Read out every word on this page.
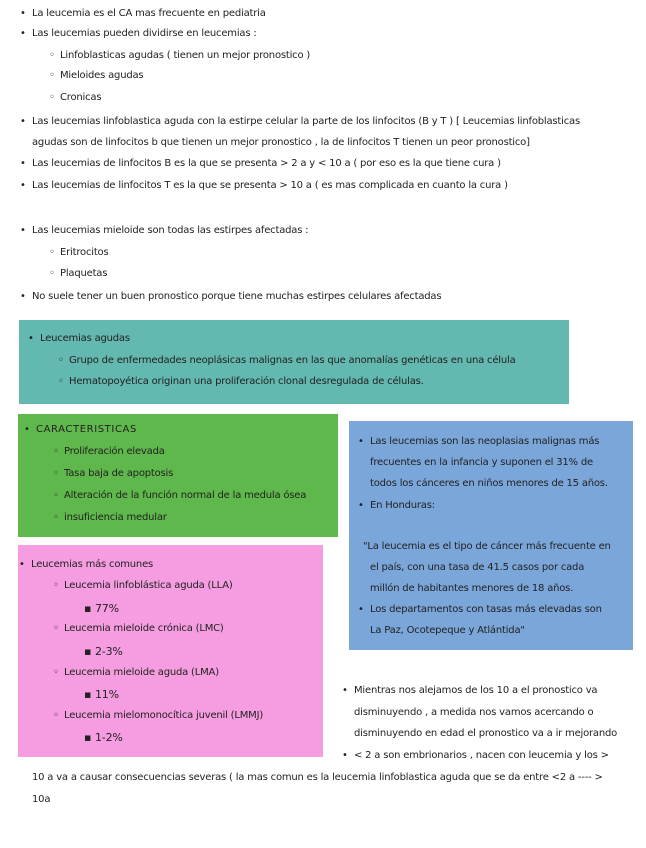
• La leucemia es el CA mas frecuente en pediatria
• Las leucemias pueden dividirse en leucemias :
◦ Linfoblasticas agudas ( tienen un mejor pronostico )
◦ Mieloides agudas
◦ Cronicas
• Las leucemias linfoblastica aguda con la estirpe celular la parte de los linfocitos (B y T ) [ Leucemias linfoblasticas
agudas son de linfocitos b que tienen un mejor pronostico , la de linfocitos T tienen un peor pronostico]
• Las leucemias de linfocitos B es la que se presenta > 2 a y < 10 a ( por eso es la que tiene cura )
• Las leucemias de linfocitos T es la que se presenta > 10 a ( es mas complicada en cuanto la cura )
• Las leucemias mieloide son todas las estirpes afectadas :
◦ Eritrocitos
◦ Plaquetas
• No suele tener un buen pronostico porque tiene muchas estirpes celulares afectadas
• Leucemias agudas
◦ Grupo de enfermedades neoplásicas malignas en las que anomalías genéticas en una célula
◦ Hematopoyética originan una proliferación clonal desregulada de células.
• CARACTERISTICAS
◦ Proliferación elevada
◦ Tasa baja de apoptosis
◦ Alteración de la función normal de la medula ósea
◦ insuficiencia medular
• Las leucemias son las neoplasias malignas más
frecuentes en la infancia y suponen el 31% de
todos los cánceres en niños menores de 15 años.
• En Honduras:
"La leucemia es el tipo de cáncer más frecuente en
el país, con una tasa de 41.5 casos por cada
millón de habitantes menores de 18 años.
• Los departamentos con tasas más elevadas son
La Paz, Ocotepeque y Atlántida"
• Leucemias más comunes
◦ Leucemia linfoblástica aguda (LLA)
▪ 77%
◦ Leucemia mieloide crónica (LMC)
▪ 2-3%
◦ Leucemia mieloide aguda (LMA)
▪ 11%
◦ Leucemia mielomonocítica juvenil (LMMJ)
▪ 1-2%
• Mientras nos alejamos de los 10 a el pronostico va
disminuyendo , a medida nos vamos acercando o
disminuyendo en edad el pronostico va a ir mejorando
• < 2 a son embrionarios , nacen con leucemia y los >
10 a va a causar consecuencias severas ( la mas comun es la leucemia linfoblastica aguda que se da entre <2 a ---- >
10a
